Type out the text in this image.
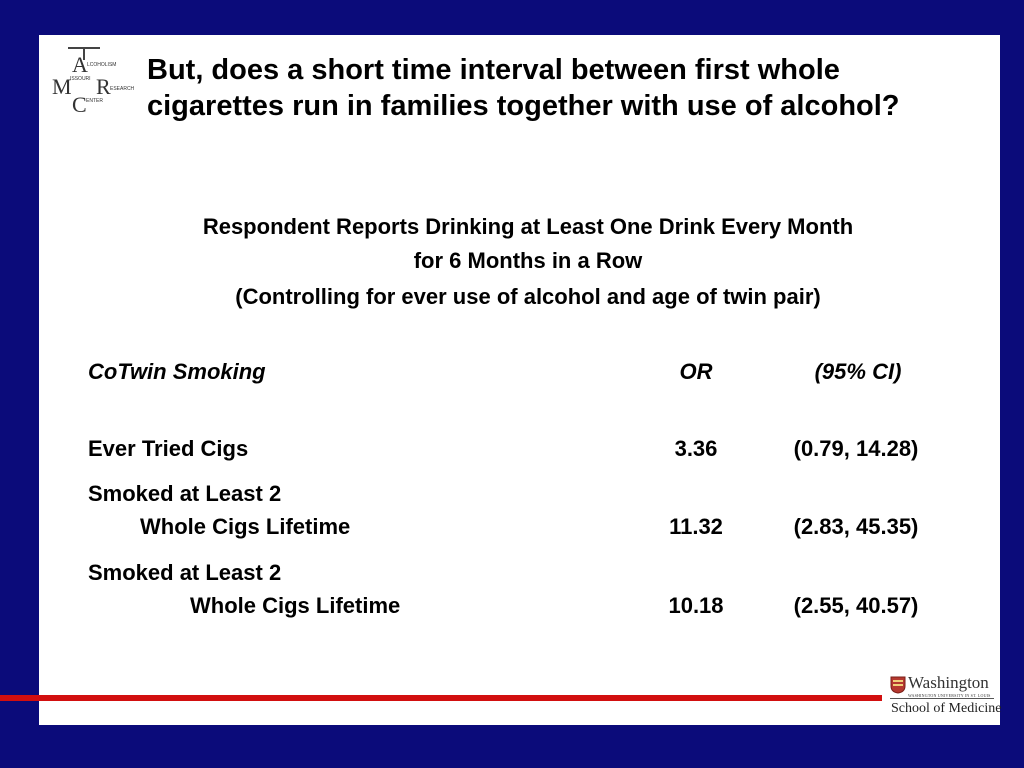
A LCOHOLISM
M
ISSOURI R ESEARCH
C ENTER
But, does a short time interval between first whole cigarettes run in families together with use of alcohol?

Respondent Reports Drinking at Least One Drink Every Month

for 6 Months in a Row

(Controlling for ever use of alcohol and age of twin pair)

CoTwin Smoking	OR	(95% CI)
Ever Tried Cigs	3.36	(0.79, 14.28)
Smoked at Least 2
Whole Cigs Lifetime	11.32	(2.83, 45.35)
Smoked at Least 2
Whole Cigs Lifetime	10.18	(2.55, 40.57)
Washington
WASHINGTON UNIVERSITY IN ST. LOUIS
School of Medicine
